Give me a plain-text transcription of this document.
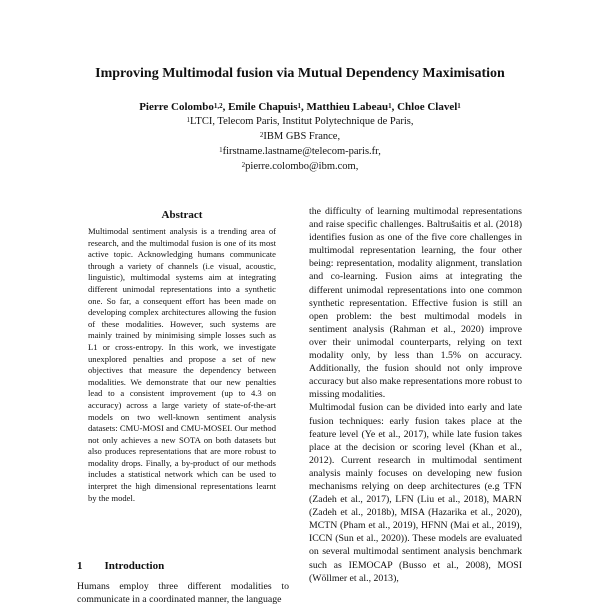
Improving Multimodal fusion via Mutual Dependency Maximisation
Pierre Colombo$^{1,2}$, Emile Chapuis$^1$, Matthieu Labeau$^1$, Chloe Clavel$^1$
$^1$LTCI, Telecom Paris, Institut Polytechnique de Paris,
$^2$IBM GBS France,
$^1$firstname.lastname@telecom-paris.fr,
$^2$pierre.colombo@ibm.com,
Abstract
Multimodal sentiment analysis is a trending area of research, and the multimodal fusion is one of its most active topic. Acknowledging humans communicate through a variety of channels (i.e visual, acoustic, linguistic), multimodal systems aim at integrating different unimodal representations into a synthetic one. So far, a consequent effort has been made on developing complex architectures allowing the fusion of these modalities. However, such systems are mainly trained by minimising simple losses such as L1 or cross-entropy. In this work, we investigate unexplored penalties and propose a set of new objectives that measure the dependency between modalities. We demonstrate that our new penalties lead to a consistent improvement (up to 4.3 on accuracy) across a large variety of state-of-the-art models on two well-known sentiment analysis datasets: CMU-MOSI and CMU-MOSEI. Our method not only achieves a new SOTA on both datasets but also produces representations that are more robust to modality drops. Finally, a by-product of our methods includes a statistical network which can be used to interpret the high dimensional representations learnt by the model.
1 Introduction
Humans employ three different modalities to communicate in a coordinated manner, the language

the difficulty of learning multimodal representations and raise specific challenges. Baltrušaitis et al. (2018) identifies fusion as one of the five core challenges in multimodal representation learning, the four other being: representation, modality alignment, translation and co-learning. Fusion aims at integrating the different unimodal representations into one common synthetic representation. Effective fusion is still an open problem: the best multimodal models in sentiment analysis (Rahman et al., 2020) improve over their unimodal counterparts, relying on text modality only, by less than 1.5% on accuracy. Additionally, the fusion should not only improve accuracy but also make representations more robust to missing modalities.

Multimodal fusion can be divided into early and late fusion techniques: early fusion takes place at the feature level (Ye et al., 2017), while late fusion takes place at the decision or scoring level (Khan et al., 2012). Current research in multimodal sentiment analysis mainly focuses on developing new fusion mechanisms relying on deep architectures (e.g TFN (Zadeh et al., 2017), LFN (Liu et al., 2018), MARN (Zadeh et al., 2018b), MISA (Hazarika et al., 2020), MCTN (Pham et al., 2019), HFNN (Mai et al., 2019), ICCN (Sun et al., 2020)). These models are evaluated on several multimodal sentiment analysis benchmark such as IEMOCAP (Busso et al., 2008), MOSI (Wöllmer et al., 2013),
